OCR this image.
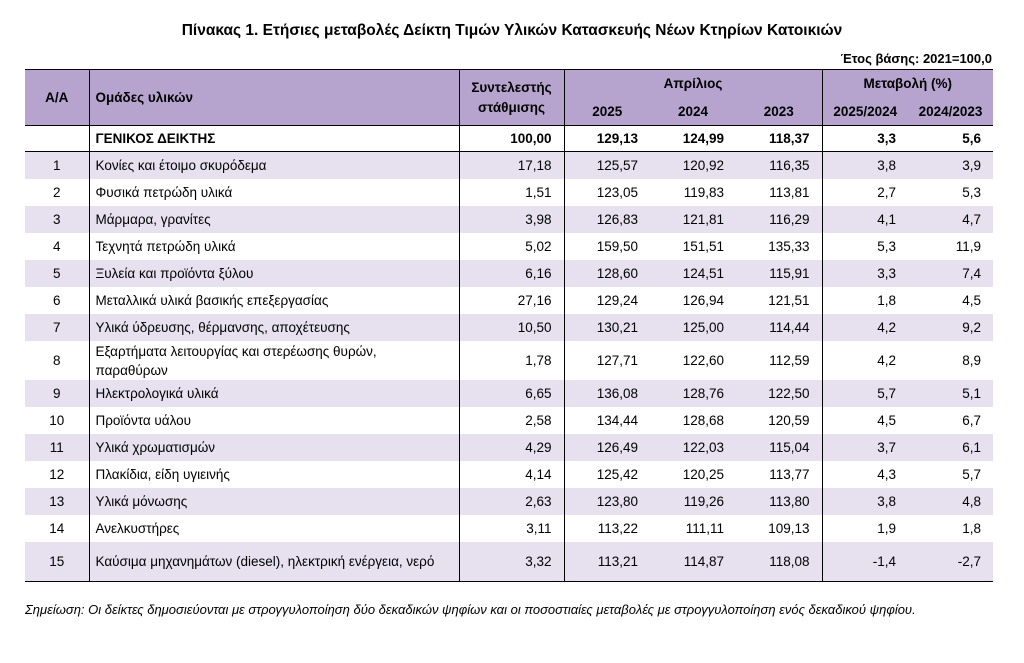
Πίνακας 1. Ετήσιες μεταβολές Δείκτη Τιμών Υλικών Κατασκευής Νέων Κτηρίων Κατοικιών
Έτος βάσης: 2021=100,0
Α/Α	Ομάδες υλικών	Συντελεστής στάθμισης	Απρίλιος			Μεταβολή (%)	
			2025	2024	2023	2025/2024	2024/2023
	ΓΕΝΙΚΟΣ ΔΕΙΚΤΗΣ	100,00	129,13	124,99	118,37	3,3	5,6
1	Κονίες και έτοιμο σκυρόδεμα	17,18	125,57	120,92	116,35	3,8	3,9
2	Φυσικά πετρώδη υλικά	1,51	123,05	119,83	113,81	2,7	5,3
3	Μάρμαρα, γρανίτες	3,98	126,83	121,81	116,29	4,1	4,7
4	Τεχνητά πετρώδη υλικά	5,02	159,50	151,51	135,33	5,3	11,9
5	Ξυλεία και προϊόντα ξύλου	6,16	128,60	124,51	115,91	3,3	7,4
6	Μεταλλικά υλικά βασικής επεξεργασίας	27,16	129,24	126,94	121,51	1,8	4,5
7	Υλικά ύδρευσης, θέρμανσης, αποχέτευσης	10,50	130,21	125,00	114,44	4,2	9,2
8	Εξαρτήματα λειτουργίας και στερέωσης θυρών, παραθύρων	1,78	127,71	122,60	112,59	4,2	8,9
9	Ηλεκτρολογικά υλικά	6,65	136,08	128,76	122,50	5,7	5,1
10	Προϊόντα υάλου	2,58	134,44	128,68	120,59	4,5	6,7
11	Υλικά χρωματισμών	4,29	126,49	122,03	115,04	3,7	6,1
12	Πλακίδια, είδη υγιεινής	4,14	125,42	120,25	113,77	4,3	5,7
13	Υλικά μόνωσης	2,63	123,80	119,26	113,80	3,8	4,8
14	Ανελκυστήρες	3,11	113,22	111,11	109,13	1,9	1,8
15	Καύσιμα μηχανημάτων (diesel), ηλεκτρική ενέργεια, νερό	3,32	113,21	114,87	118,08	-1,4	-2,7
Σημείωση: Οι δείκτες δημοσιεύονται με στρογγυλοποίηση δύο δεκαδικών ψηφίων και οι ποσοστιαίες μεταβολές με στρογγυλοποίηση ενός δεκαδικού ψηφίου.
